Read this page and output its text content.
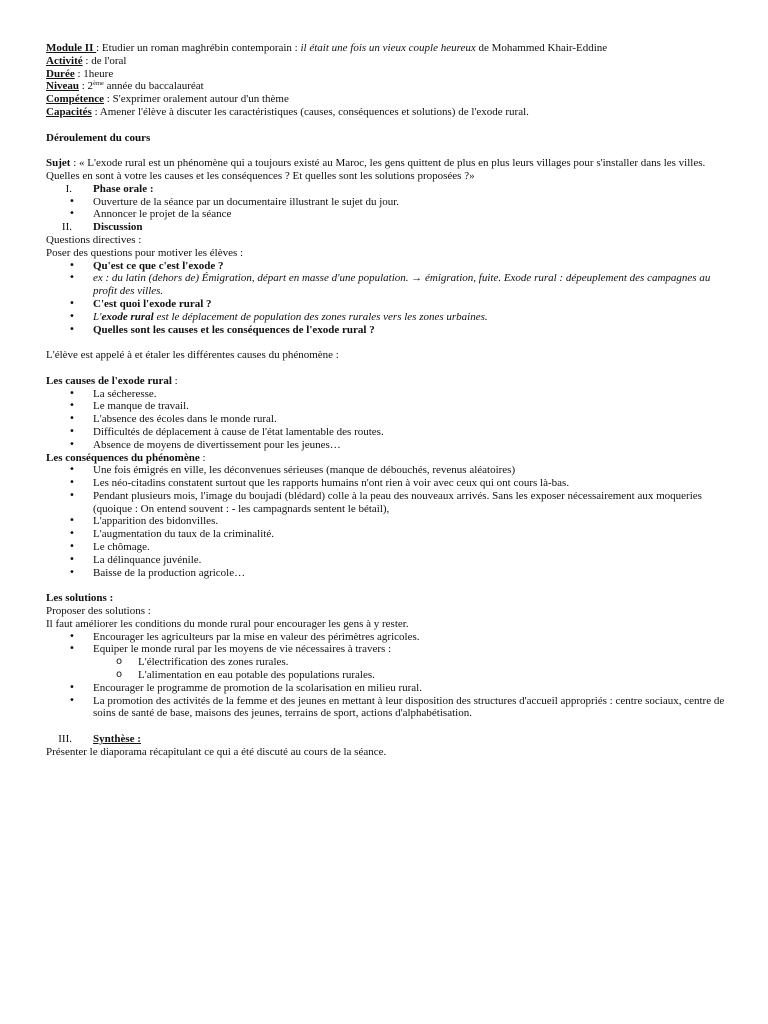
Module II : Etudier un roman maghrébin contemporain : il était une fois un vieux couple heureux de Mohammed Khair-Eddine

Activité : de l'oral

Durée : 1heure

Niveau : 2ème année du baccalauréat

Compétence : S'exprimer oralement autour d'un thème

Capacités : Amener l'élève à discuter les caractéristiques (causes, conséquences et solutions) de l'exode rural.

Déroulement du cours

Sujet : « L'exode rural est un phénomène qui a toujours existé au Maroc, les gens quittent de plus en plus leurs villages pour s'installer dans les villes. Quelles en sont à votre les causes et les conséquences ? Et quelles sont les solutions proposées ?»

I. Phase orale :
• Ouverture de la séance par un documentaire illustrant le sujet du jour.
• Annoncer le projet de la séance
II. Discussion

Questions directives :

Poser des questions pour motiver les élèves :

• Qu'est ce que c'est l'exode ?
• ex : du latin (dehors de) Émigration, départ en masse d'une population. → émigration, fuite. Exode rural : dépeuplement des campagnes au profit des villes.
• C'est quoi l'exode rural ?
• L'exode rural est le déplacement de population des zones rurales vers les zones urbaines.
• Quelles sont les causes et les conséquences de l'exode rural ?

L'élève est appelé à et étaler les différentes causes du phénomène :

Les causes de l'exode rural :

• La sécheresse.
• Le manque de travail.
• L'absence des écoles dans le monde rural.
• Difficultés de déplacement à cause de l'état lamentable des routes.
• Absence de moyens de divertissement pour les jeunes…

Les conséquences du phénomène :

• Une fois émigrés en ville, les déconvenues sérieuses (manque de débouchés, revenus aléatoires)
• Les néo-citadins constatent surtout que les rapports humains n'ont rien à voir avec ceux qui ont cours là-bas.
• Pendant plusieurs mois, l'image du boujadi (blédard) colle à la peau des nouveaux arrivés. Sans les exposer nécessairement aux moqueries (quoique : On entend souvent : - les campagnards sentent le bétail),
• L'apparition des bidonvilles.
• L'augmentation du taux de la criminalité.
• Le chômage.
• La délinquance juvénile.
• Baisse de la production agricole…

Les solutions :

Proposer des solutions :

Il faut améliorer les conditions du monde rural pour encourager les gens à y rester.

• Encourager les agriculteurs par la mise en valeur des périmètres agricoles.
• Equiper le monde rural par les moyens de vie nécessaires à travers :
o L'électrification des zones rurales.
o L'alimentation en eau potable des populations rurales.
• Encourager le programme de promotion de la scolarisation en milieu rural.
• La promotion des activités de la femme et des jeunes en mettant à leur disposition des structures d'accueil appropriés : centre sociaux, centre de soins de santé de base, maisons des jeunes, terrains de sport, actions d'alphabétisation.
III. Synthèse :

Présenter le diaporama récapitulant ce qui a été discuté au cours de la séance.
